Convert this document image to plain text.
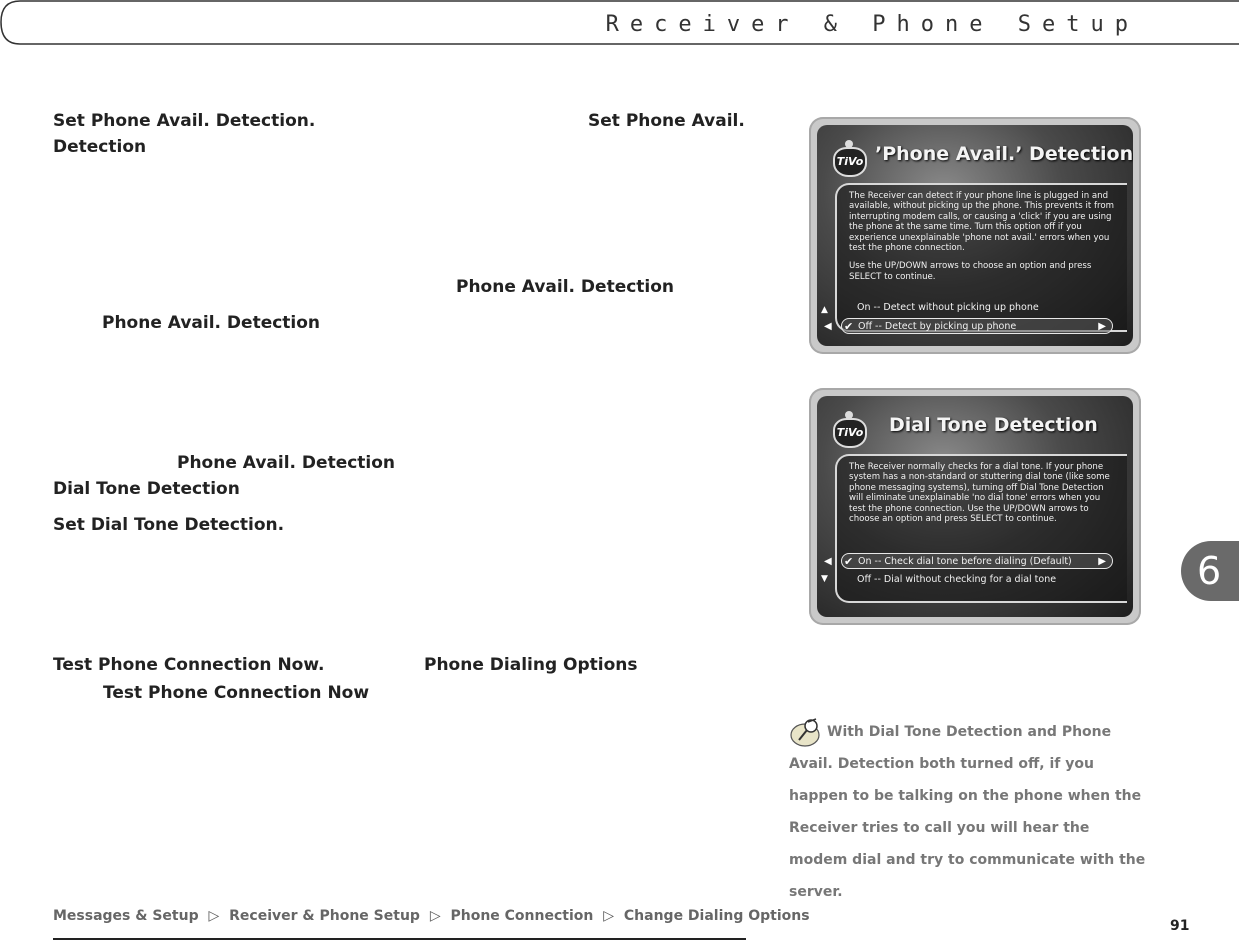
Receiver & Phone Setup
Set Phone Avail. Detection.	Set Phone Avail.
Detection
Phone Avail. Detection
Phone Avail. Detection
Phone Avail. Detection
Dial Tone Detection
Set Dial Tone Detection.
Test Phone Connection Now.	Phone Dialing Options
Test Phone Connection Now
TiVo ’Phone Avail.’ Detection

The Receiver can detect if your phone line is plugged in and available, without picking up the phone. This prevents it from interrupting modem calls, or causing a 'click' if you are using the phone at the same time. Turn this option off if you experience unexplainable 'phone not avail.' errors when you test the phone connection.

Use the UP/DOWN arrows to choose an option and press SELECT to continue.

▲	On -- Detect without picking up phone
◀ ✔ Off -- Detect by picking up phone	▶
TiVo Dial Tone Detection

The Receiver normally checks for a dial tone. If your phone system has a non-standard or stuttering dial tone (like some phone messaging systems), turning off Dial Tone Detection will eliminate unexplainable 'no dial tone' errors when you test the phone connection. Use the UP/DOWN arrows to choose an option and press SELECT to continue.

◀ ✔ On -- Check dial tone before dialing (Default)	▶
▼	Off -- Dial without checking for a dial tone	6
With Dial Tone Detection and Phone Avail. Detection both turned off, if you happen to be talking on the phone when the Receiver tries to call you will hear the modem dial and try to communicate with the server.
Messages & Setup ▷ Receiver & Phone Setup ▷ Phone Connection ▷ Change Dialing Options
91
